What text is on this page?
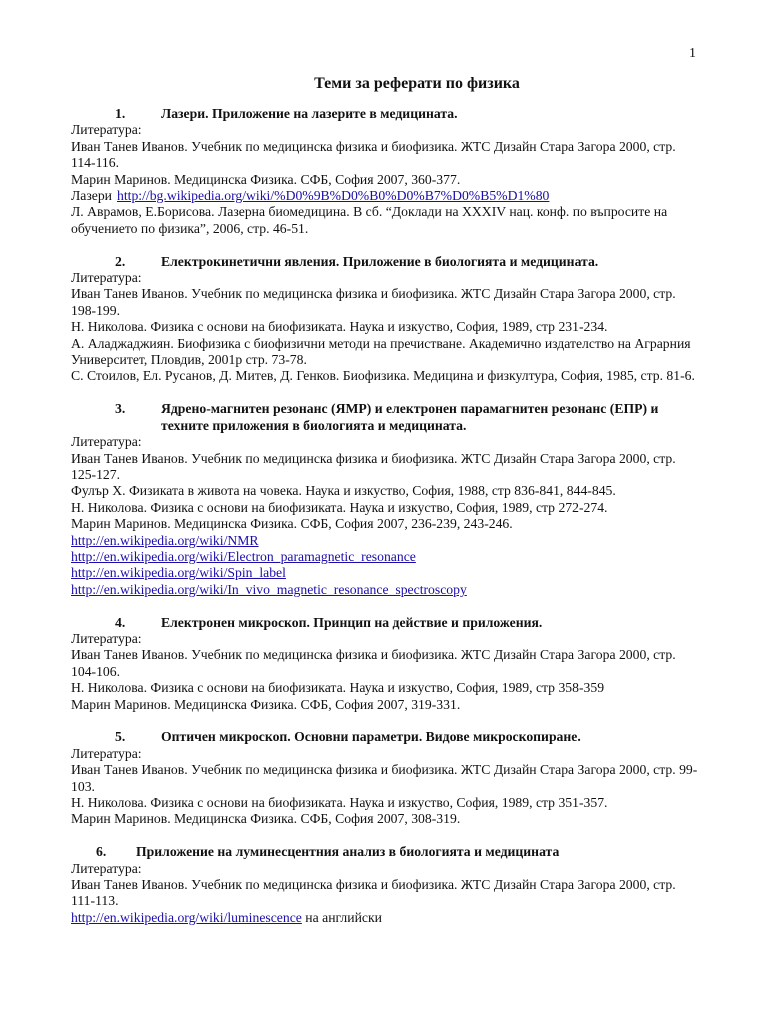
1
Теми за реферати по физика
1.	Лазери. Приложение на лазерите в медицината.
Литература:
Иван Танев Иванов. Учебник по медицинска физика и биофизика. ЖТС Дизайн Стара Загора 2000, стр. 114-116.
Марин Маринов. Медицинска Физика. СФБ, София 2007, 360-377.
Лазери http://bg.wikipedia.org/wiki/%D0%9B%D0%B0%D0%B7%D0%B5%D1%80
Л. Аврамов, Е.Борисова. Лазерна биомедицина. В сб. “Доклади на XXXIV нац. конф. по въпросите на обучението по физика”, 2006, стр. 46-51.
2.	Електрокинетични явления. Приложение в биологията и медицината.
Литература:
Иван Танев Иванов. Учебник по медицинска физика и биофизика. ЖТС Дизайн Стара Загора 2000, стр. 198-199.
Н. Николова. Физика с основи на биофизиката. Наука и изкуство, София, 1989, стр 231-234.
А. Аладжаджиян. Биофизика с биофизични методи на пречистване. Академично издателство на Аграрния Университет, Пловдив, 2001р стр. 73-78.
С. Стоилов, Ел. Русанов, Д. Митев, Д. Генков. Биофизика. Медицина и физкултура, София, 1985, стр. 81-6.
3.	Ядрено-магнитен резонанс (ЯМР) и електронен парамагнитен резонанс (ЕПР) и техните приложения в биологията и медицината.
Литература:
Иван Танев Иванов. Учебник по медицинска физика и биофизика. ЖТС Дизайн Стара Загора 2000, стр. 125-127.
Фулър Х. Физиката в живота на човека. Наука и изкуство, София, 1988, стр 836-841, 844-845.
Н. Николова. Физика с основи на биофизиката. Наука и изкуство, София, 1989, стр 272-274.
Марин Маринов. Медицинска Физика. СФБ, София 2007, 236-239, 243-246.
http://en.wikipedia.org/wiki/NMR
http://en.wikipedia.org/wiki/Electron_paramagnetic_resonance
http://en.wikipedia.org/wiki/Spin_label
http://en.wikipedia.org/wiki/In_vivo_magnetic_resonance_spectroscopy
4.	Електронен микроскоп. Принцип на действие и приложения.
Литература:
Иван Танев Иванов. Учебник по медицинска физика и биофизика. ЖТС Дизайн Стара Загора 2000, стр. 104-106.
Н. Николова. Физика с основи на биофизиката. Наука и изкуство, София, 1989, стр 358-359
Марин Маринов. Медицинска Физика. СФБ, София 2007, 319-331.
5.	Оптичен микроскоп. Основни параметри. Видове микроскопиране.
Литература:
Иван Танев Иванов. Учебник по медицинска физика и биофизика. ЖТС Дизайн Стара Загора 2000, стр. 99-103.
Н. Николова. Физика с основи на биофизиката. Наука и изкуство, София, 1989, стр 351-357.
Марин Маринов. Медицинска Физика. СФБ, София 2007, 308-319.
6.	Приложение на луминесцентния анализ в биологията и медицината
Литература:
Иван Танев Иванов. Учебник по медицинска физика и биофизика. ЖТС Дизайн Стара Загора 2000, стр. 111-113.
http://en.wikipedia.org/wiki/luminescence на английски
